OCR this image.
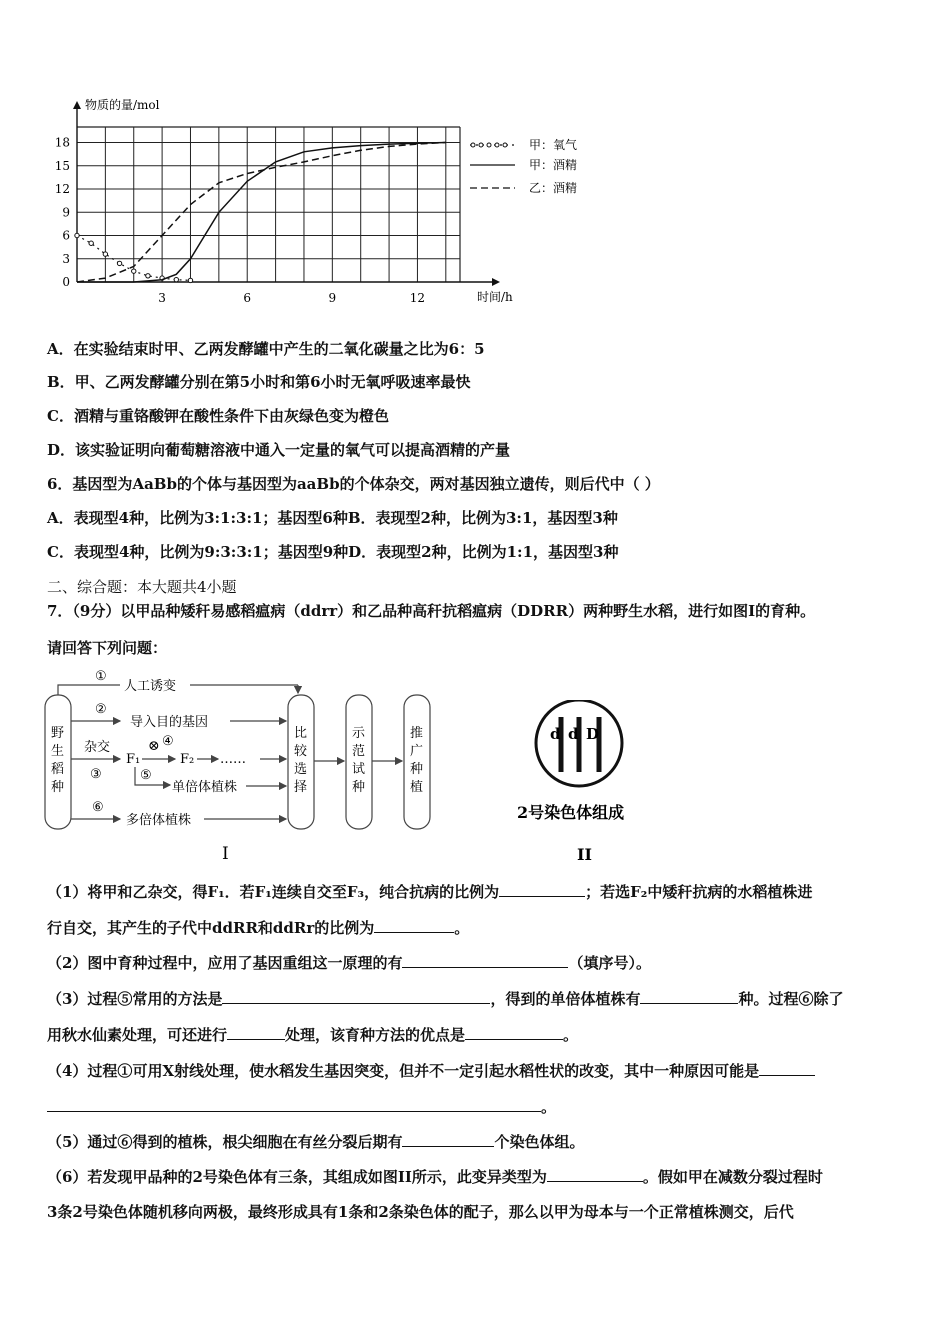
物质的量/mol
18
15
12
9
6
3
0
3	6	9	12	时间/h
甲：氧气
甲：酒精
乙：酒精
A．在实验结束时甲、乙两发酵罐中产生的二氧化碳量之比为6：5
B．甲、乙两发酵罐分别在第5小时和第6小时无氧呼吸速率最快
C．酒精与重铬酸钾在酸性条件下由灰绿色变为橙色
D．该实验证明向葡萄糖溶液中通入一定量的氧气可以提高酒精的产量
6．基因型为AaBb的个体与基因型为aaBb的个体杂交，两对基因独立遗传，则后代中（ ）
A．表现型4种，比例为3:1:3:1；基因型6种B．表现型2种，比例为3:1，基因型3种
C．表现型4种，比例为9:3:3:1；基因型9种D．表现型2种，比例为1:1，基因型3种
二、综合题：本大题共4小题
7．（9分）以甲品种矮秆易感稻瘟病（ddrr）和乙品种高秆抗稻瘟病（DDRR）两种野生水稻，进行如图I的育种。
请回答下列问题：
野生稻种
①
人工诱变
②
导入目的基因
杂交
③
F₁
⊗ ④
F₂ ……
⑤
单倍体植株
⑥
多倍体植株
比较选择
示范试种
推广种植
I
d d D
2号染色体组成
II
（1）将甲和乙杂交，得F₁．若F₁连续自交至F₃，纯合抗病的比例为	；若选F₂中矮秆抗病的水稻植株进
行自交，其产生的子代中ddRR和ddRr的比例为	。
（2）图中育种过程中，应用了基因重组这一原理的有	（填序号）。
（3）过程⑤常用的方法是	，得到的单倍体植株有	种。过程⑥除了
用秋水仙素处理，可还进行	处理，该育种方法的优点是	。
（4）过程①可用X射线处理，使水稻发生基因突变，但并不一定引起水稻性状的改变，其中一种原因可能是
。
（5）通过⑥得到的植株，根尖细胞在有丝分裂后期有	个染色体组。
（6）若发现甲品种的2号染色体有三条，其组成如图II所示，此变异类型为	。假如甲在减数分裂过程时
3条2号染色体随机移向两极，最终形成具有1条和2条染色体的配子，那么以甲为母本与一个正常植株测交，后代
